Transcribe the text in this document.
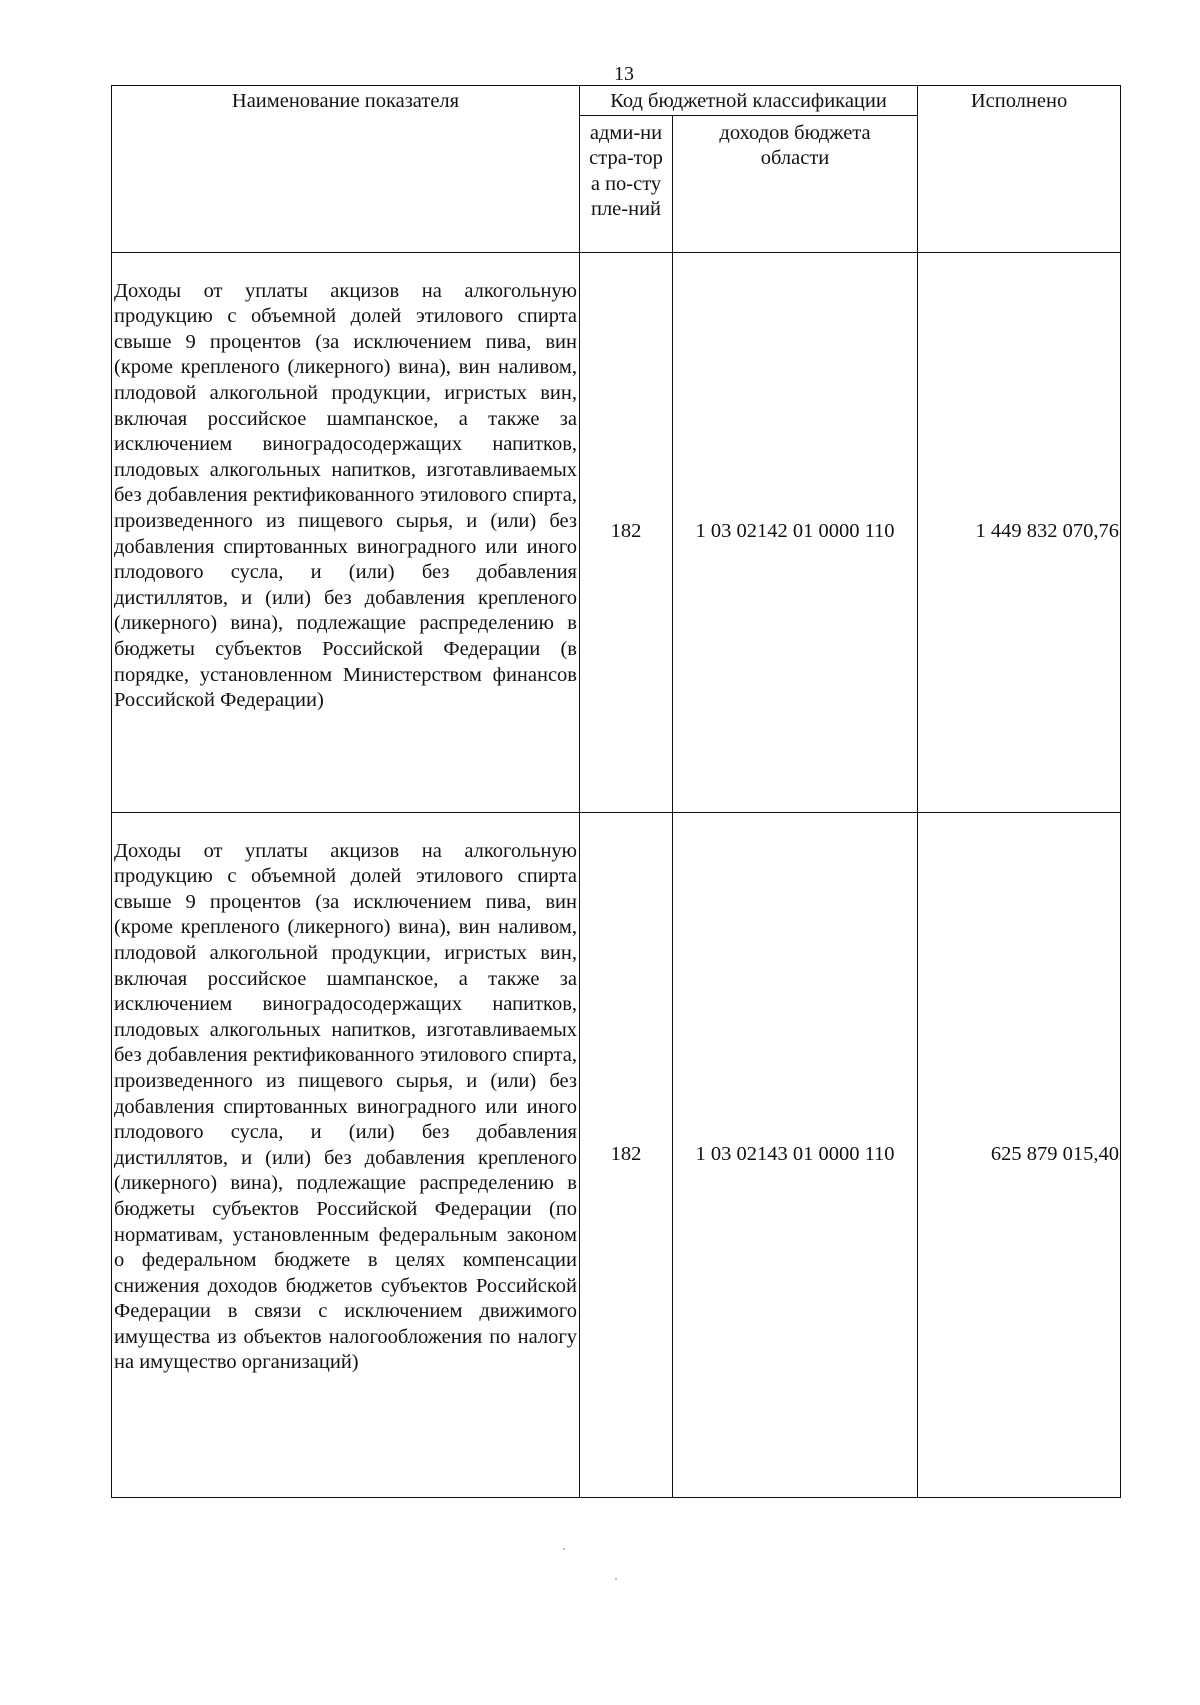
13
Наименование показателя	Код бюджетной классификации		Исполнено

	адми-нистра-тора по-ступле-ний	доходов бюджета области	

Доходы от уплаты акцизов на алкогольную продукцию с объемной долей этилового спирта свыше 9 процентов (за исключением пива, вин (кроме крепленого (ликерного) вина), вин наливом, плодовой алкогольной продукции, игристых вин, включая российское шампанское, а также за исключением виноградосодержащих напитков, плодовых алкогольных напитков, изготавливаемых без добавления ректификованного этилового спирта, произведенного из пищевого сырья, и (или) без добавления спиртованных виноградного или иного плодового сусла, и (или) без добавления дистиллятов, и (или) без добавления крепленого (ликерного) вина), подлежащие распределению в бюджеты субъектов Российской Федерации (в порядке, установленном Министерством финансов Российской Федерации)	182	1 03 02142 01 0000 110	1 449 832 070,76
Доходы от уплаты акцизов на алкогольную продукцию с объемной долей этилового спирта свыше 9 процентов (за исключением пива, вин (кроме крепленого (ликерного) вина), вин наливом, плодовой алкогольной продукции, игристых вин, включая российское шампанское, а также за исключением виноградосодержащих напитков, плодовых алкогольных напитков, изготавливаемых без добавления ректификованного этилового спирта, произведенного из пищевого сырья, и (или) без добавления спиртованных виноградного или иного плодового сусла, и (или) без добавления дистиллятов, и (или) без добавления крепленого (ликерного) вина), подлежащие распределению в бюджеты субъектов Российской Федерации (по нормативам, установленным федеральным законом о федеральном бюджете в целях компенсации снижения доходов бюджетов субъектов Российской Федерации в связи с исключением движимого имущества из объектов налогообложения по налогу на имущество организаций)	182	1 03 02143 01 0000 110	625 879 015,40
